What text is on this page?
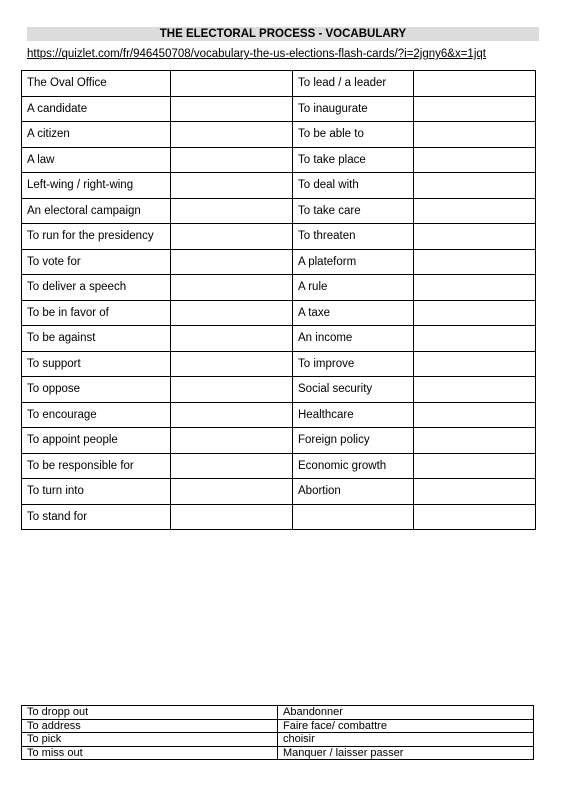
THE ELECTORAL PROCESS - VOCABULARY
https://quizlet.com/fr/946450708/vocabulary-the-us-elections-flash-cards/?i=2jgny6&x=1jqt
The Oval Office		To lead / a leader	
A candidate		To inaugurate	
A citizen		To be able to	
A law		To take place	
Left-wing / right-wing		To deal with	
An electoral campaign		To take care	
To run for the presidency		To threaten	
To vote for		A plateform	
To deliver a speech		A rule	
To be in favor of		A taxe	
To be against		An income	
To support		To improve	
To oppose		Social security	
To encourage		Healthcare	
To appoint people		Foreign policy	
To be responsible for		Economic growth	
To turn into		Abortion	
To stand for			
To dropp out	Abandonner
To address	Faire face/ combattre
To pick	choisir
To miss out	Manquer / laisser passer
